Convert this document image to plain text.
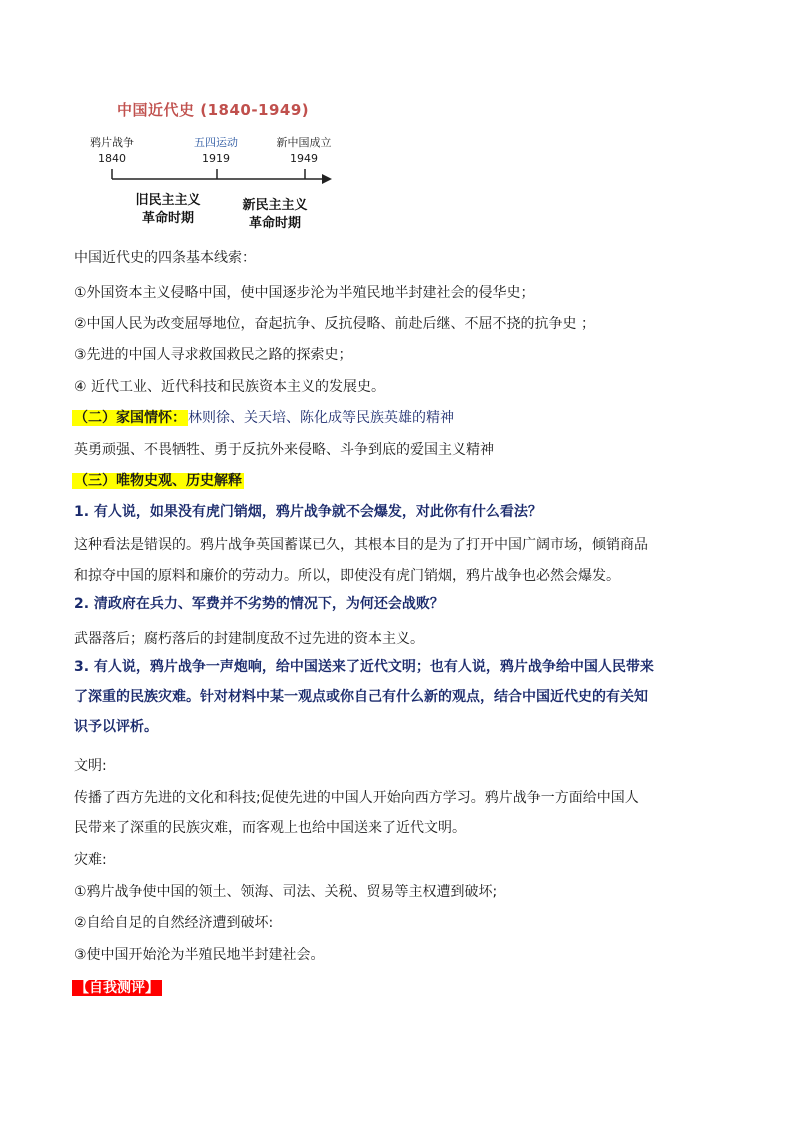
中国近代史 (1840-1949)
鸦片战争
1840
五四运动
1919
新中国成立
1949
旧民主主义
革命时期
新民主主义
革命时期
中国近代史的四条基本线索：
①外国资本主义侵略中国，使中国逐步沦为半殖民地半封建社会的侵华史；
②中国人民为改变屈辱地位，奋起抗争、反抗侵略、前赴后继、不屈不挠的抗争史 ；
③先进的中国人寻求救国救民之路的探索史；
④ 近代工业、近代科技和民族资本主义的发展史。
（二）家国情怀： 林则徐、关天培、陈化成等民族英雄的精神
英勇顽强、不畏牺牲、勇于反抗外来侵略、斗争到底的爱国主义精神
（三）唯物史观、历史解释
1. 有人说，如果没有虎门销烟，鸦片战争就不会爆发，对此你有什么看法？
这种看法是错误的。鸦片战争英国蓄谋已久，其根本目的是为了打开中国广阔市场，倾销商品
和掠夺中国的原料和廉价的劳动力。所以，即使没有虎门销烟，鸦片战争也必然会爆发。
2. 清政府在兵力、军费并不劣势的情况下，为何还会战败？
武器落后；腐朽落后的封建制度敌不过先进的资本主义。
3. 有人说，鸦片战争一声炮响，给中国送来了近代文明；也有人说，鸦片战争给中国人民带来
了深重的民族灾难。针对材料中某一观点或你自己有什么新的观点，结合中国近代史的有关知
识予以评析。
文明:
传播了西方先进的文化和科技;促使先进的中国人开始向西方学习。鸦片战争一方面给中国人
民带来了深重的民族灾难，而客观上也给中国送来了近代文明。
灾难:
①鸦片战争使中国的领土、领海、司法、关税、贸易等主权遭到破坏;
②自给自足的自然经济遭到破坏:
③使中国开始沦为半殖民地半封建社会。
【自我测评】
